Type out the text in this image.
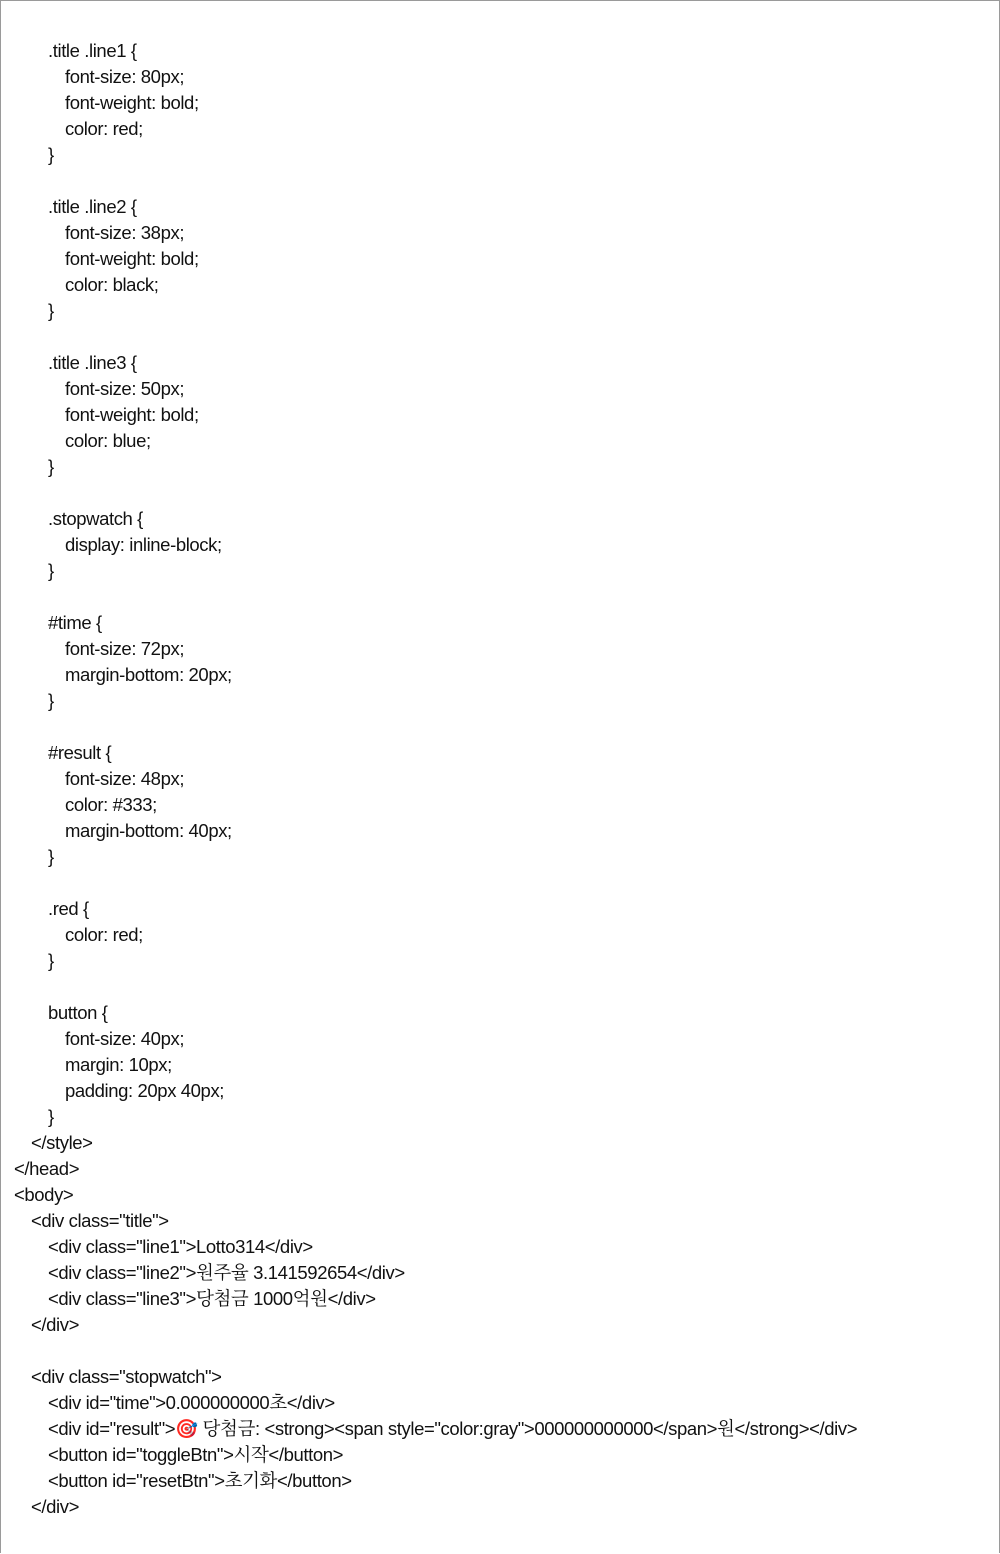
.title .line1 {
font-size: 80px;
font-weight: bold;
color: red;
}
.title .line2 {
font-size: 38px;
font-weight: bold;
color: black;
}
.title .line3 {
font-size: 50px;
font-weight: bold;
color: blue;
}
.stopwatch {
display: inline-block;
}
#time {
font-size: 72px;
margin-bottom: 20px;
}
#result {
font-size: 48px;
color: #333;
margin-bottom: 40px;
}
.red {
color: red;
}
button {
font-size: 40px;
margin: 10px;
padding: 20px 40px;
}
</style>
</head>
<body>
<div class="title">
<div class="line1">Lotto314</div>
<div class="line2">원주율 3.141592654</div>
<div class="line3">당첨금 1000억원</div>
</div>
<div class="stopwatch">
<div id="time">0.000000000초</div>
<div id="result">🎯 당첨금: <strong><span style="color:gray">000000000000</span>원</strong></div>
<button id="toggleBtn">시작</button>
<button id="resetBtn">초기화</button>
</div>
